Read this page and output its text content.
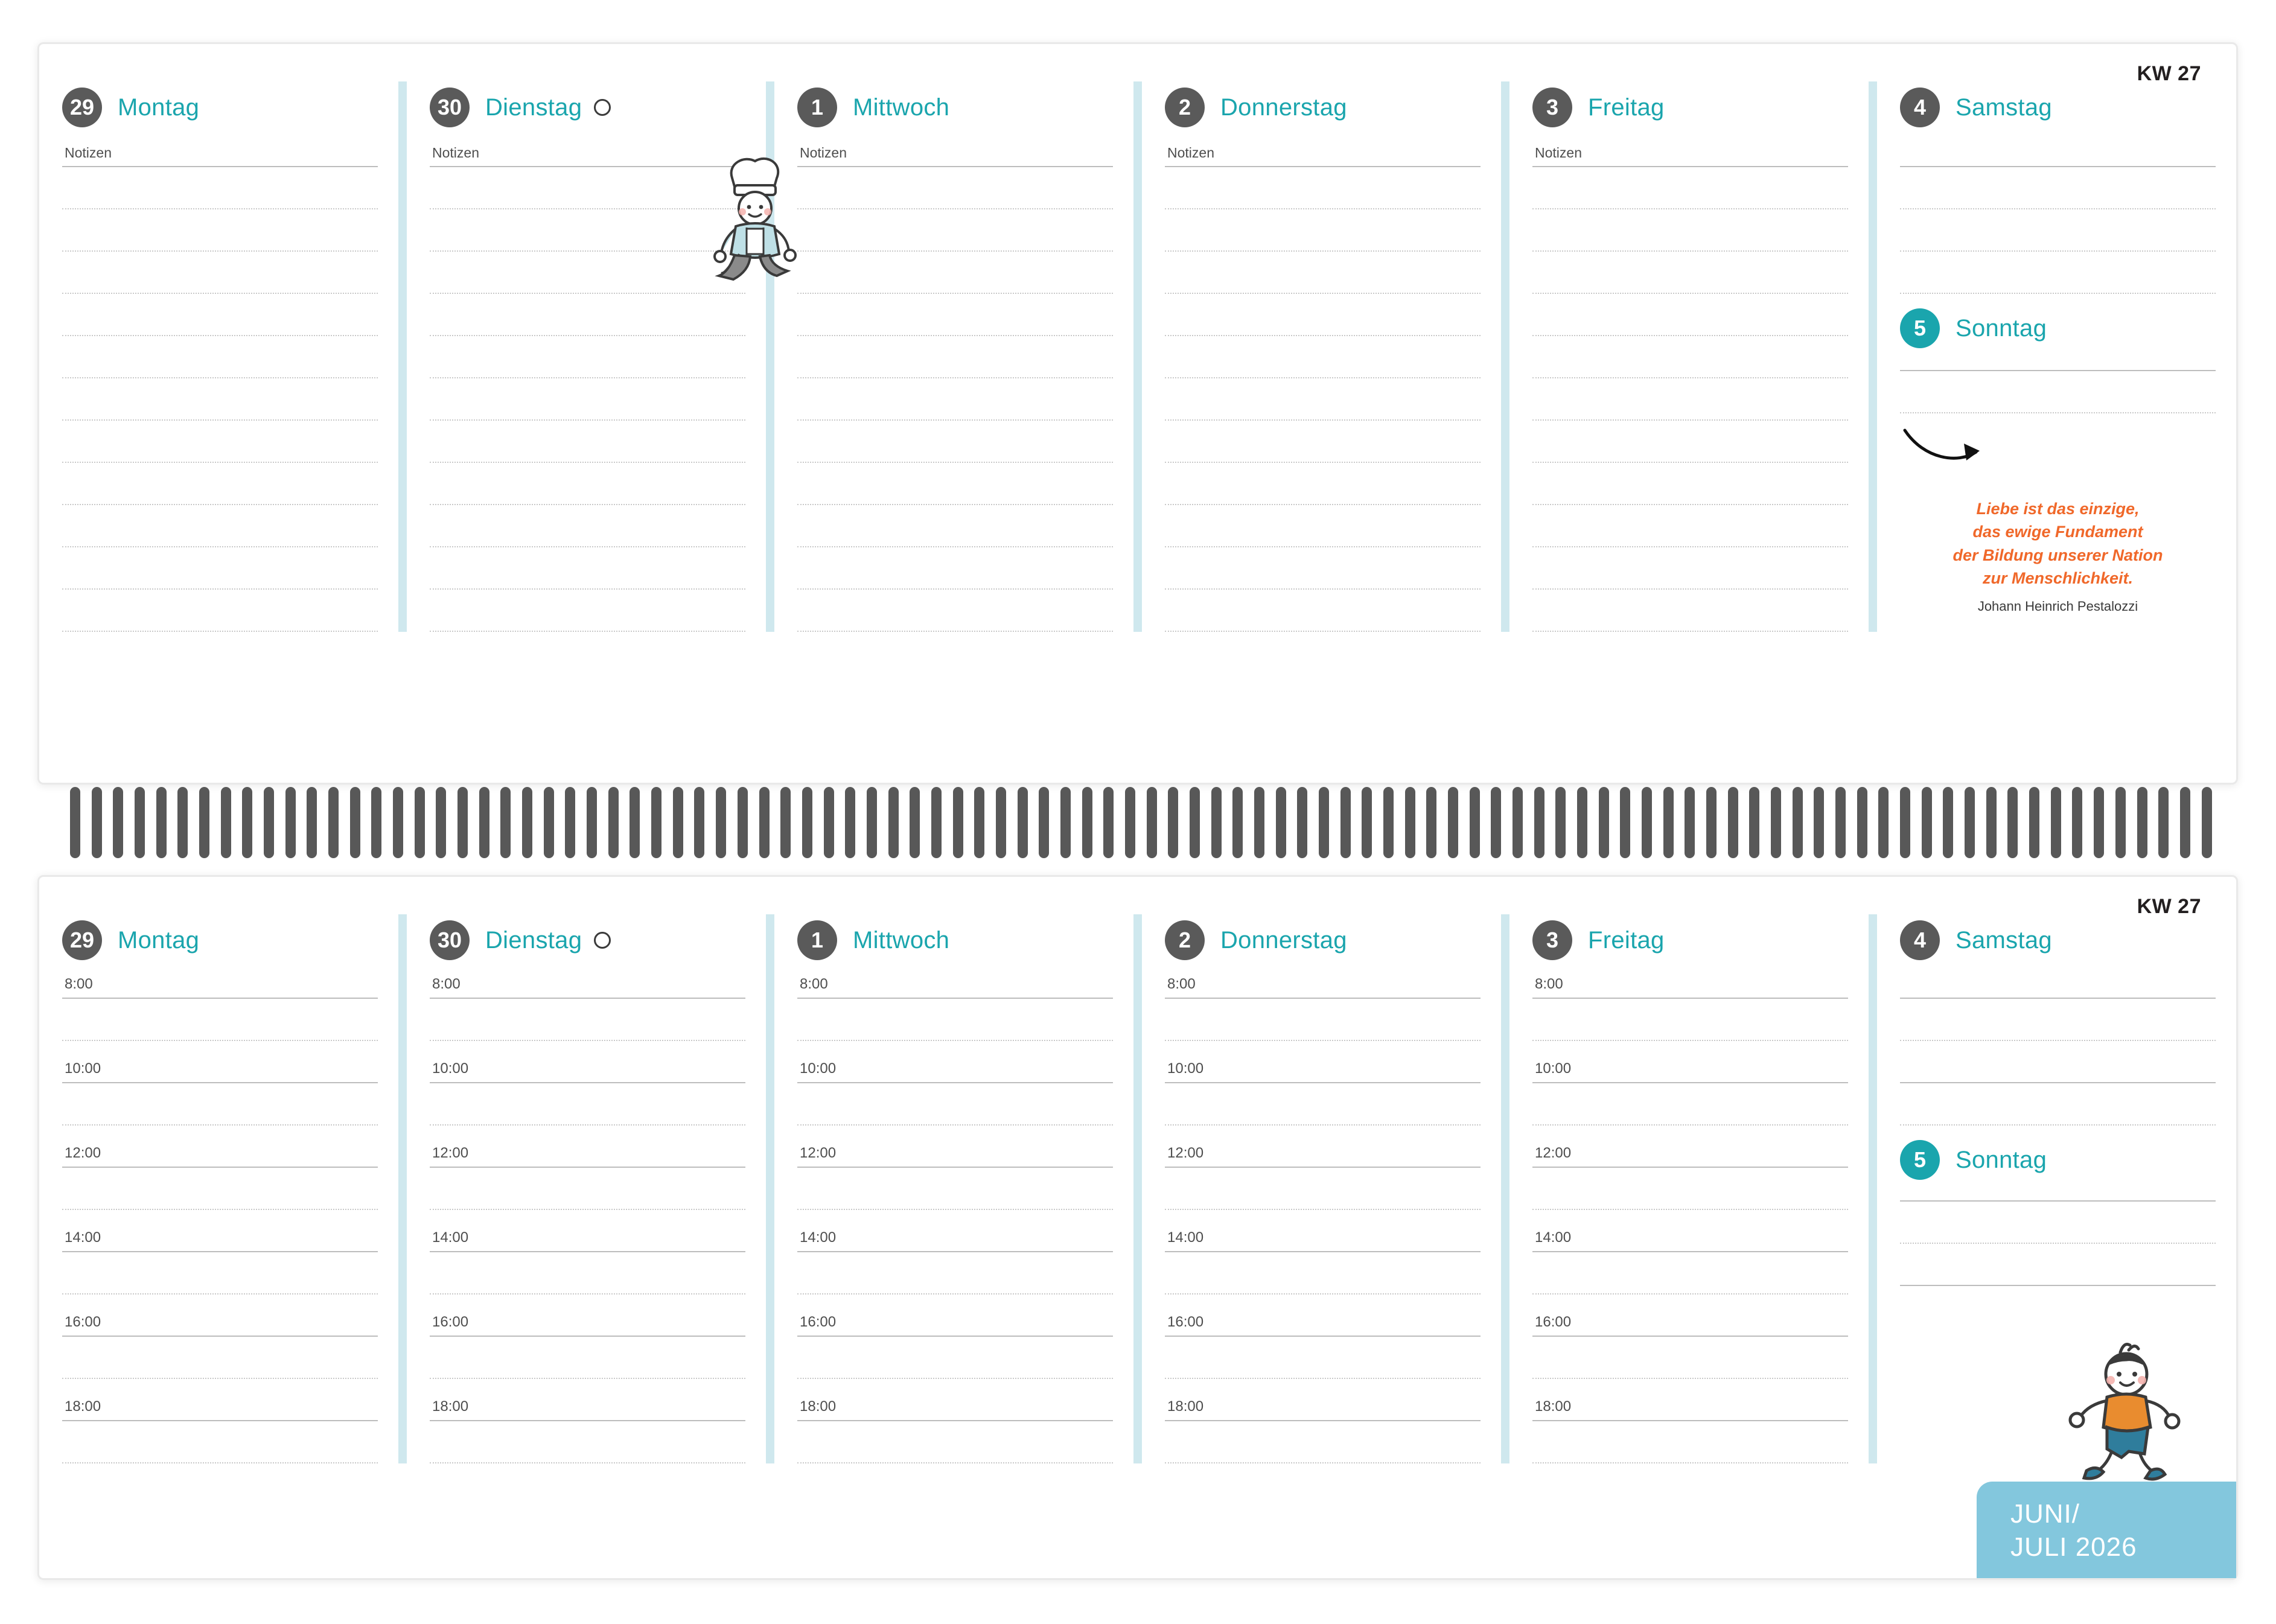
KW 27
29 Montag
Notizen
30 Dienstag
Notizen
1	Mittwoch
Notizen
2	Donnerstag
Notizen
3	Freitag
Notizen
4	Samstag
5	Sonntag
Liebe ist das einzige,
das ewige Fundament
der Bildung unserer Nation
zur Menschlichkeit.
Johann Heinrich Pestalozzi
KW 27
29 Montag
8:00
10:00
12:00
14:00
16:00
18:00
30 Dienstag
8:00
10:00
12:00
14:00
16:00
18:00
1	Mittwoch
8:00
10:00
12:00
14:00
16:00
18:00
2	Donnerstag
8:00
10:00
12:00
14:00
16:00
18:00
3	Freitag
8:00
10:00
12:00
14:00
16:00
18:00
4	Samstag
5	Sonntag
JUNI/
JULI 2026
